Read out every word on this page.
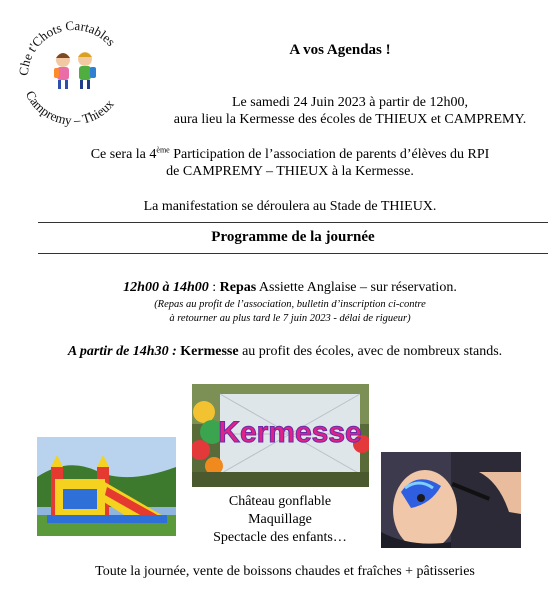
Che t'Chots Cartables
Campremy – Thieux
A vos Agendas !
Le samedi 24 Juin 2023 à partir de 12h00,
aura lieu la Kermesse des écoles de THIEUX et CAMPREMY.
Ce sera la 4ème Participation de l’association de parents d’élèves du RPI
de CAMPREMY – THIEUX à la Kermesse.
La manifestation se déroulera au Stade de THIEUX.
Programme de la journée
12h00 à 14h00 : Repas Assiette Anglaise – sur réservation.
(Repas au profit de l’association, bulletin d’inscription ci-contre
à retourner au plus tard le 7 juin 2023 - délai de rigueur)
A partir de 14h30 : Kermesse au profit des écoles, avec de nombreux stands.
Kermesse
Château gonflable
Maquillage
Spectacle des enfants…
Toute la journée, vente de boissons chaudes et fraîches + pâtisseries
